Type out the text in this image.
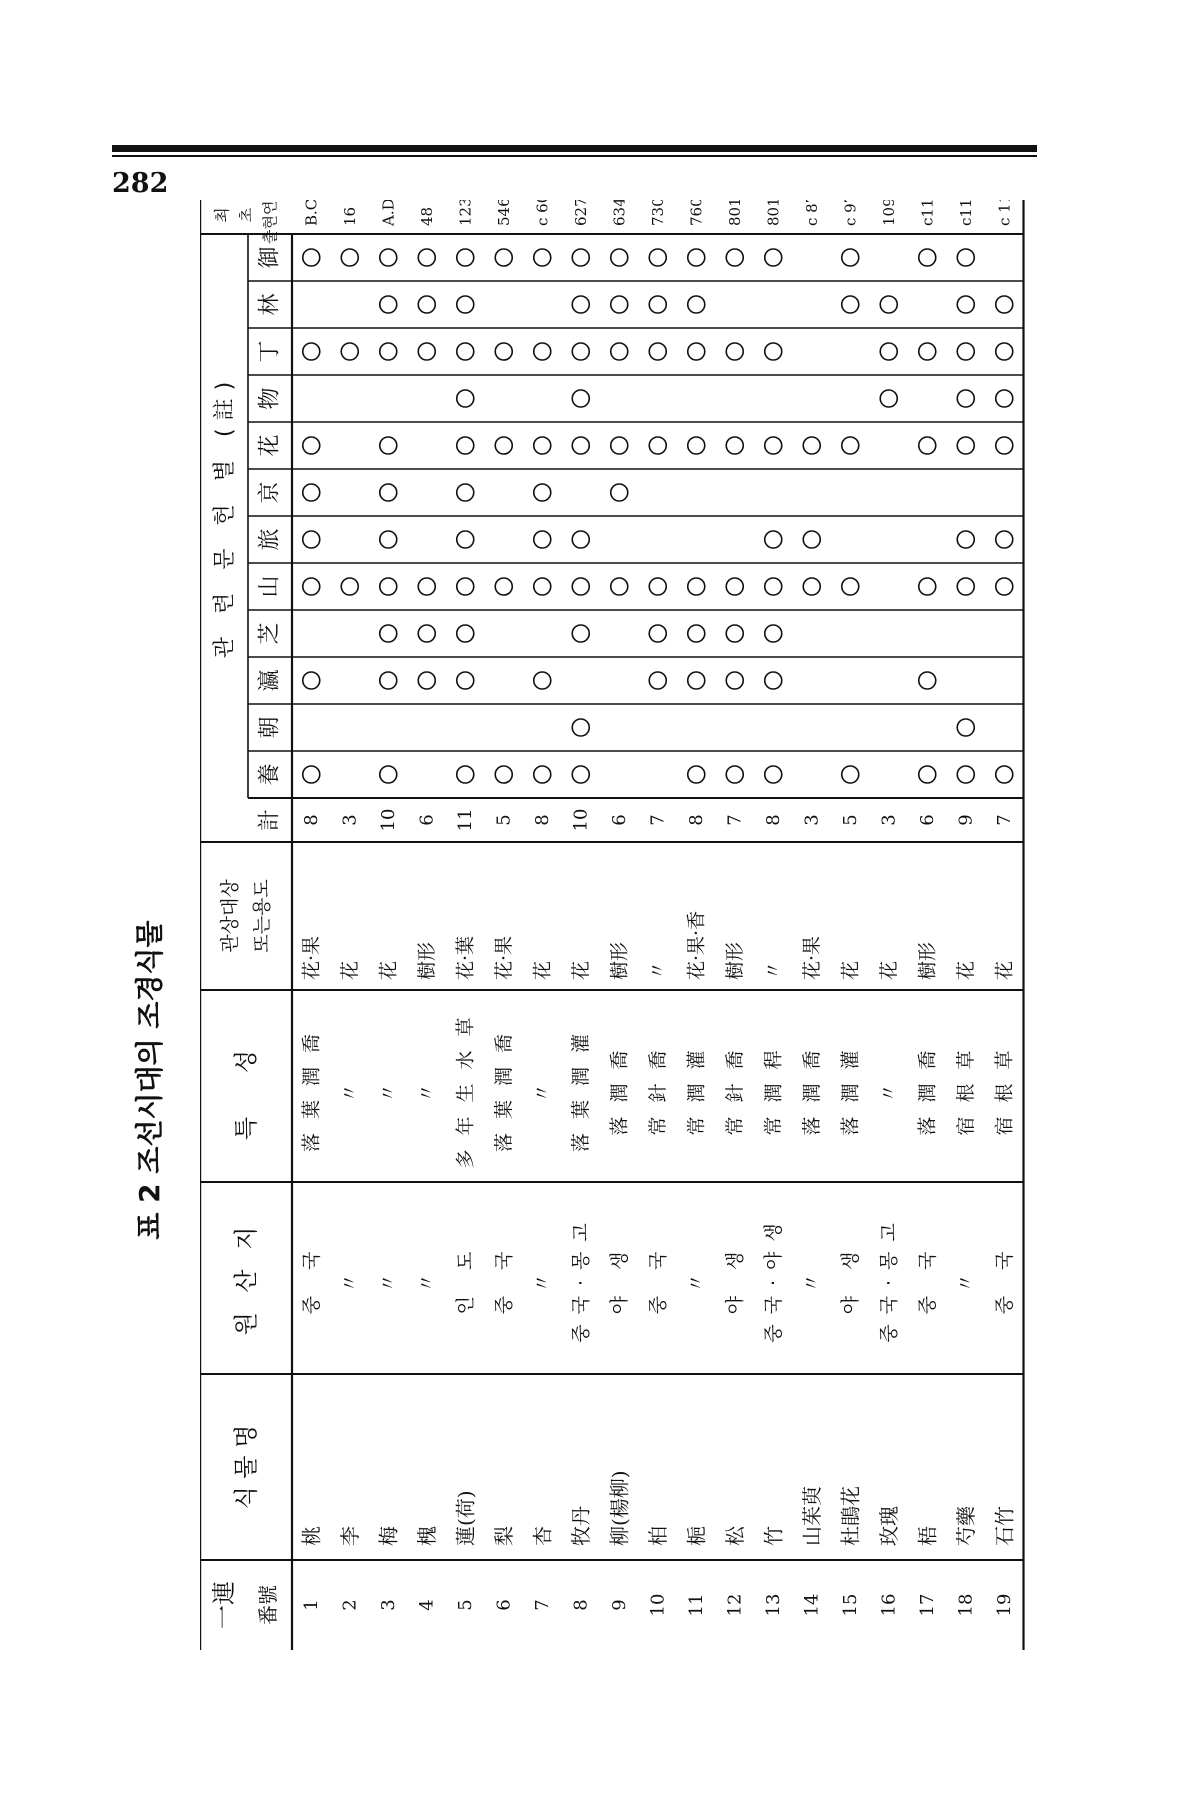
282
표 2 조선시대의 조경식물
一連 番號
식 물 명
원 산 지
특 성
관상대상 또는용도
관 련 문 헌 별 (註)
計
養
朝
瀛
芝
山
旅
京
花
物
丁
林
御
최 초 출현연대
1
桃
중 국
落葉潤喬
花·果
8
B.C16
2
李
〃
〃
花
3
16
3
梅
〃
〃
花
10
A.D41
4
槐
〃
〃
樹形
6
48
5
蓮(荷)
인 도
多年生水草
花·葉
11
123
6
梨
중 국
落葉潤喬
花·果
5
546
7
杏
〃
〃
花
8
c 600
8
牧丹
중국·몽고
落葉潤灌
花
10
627
9
柳(楊柳)
야 생
落潤喬
樹形
6
634
10
柏
중 국
常針喬
〃
7
730
11
梔
〃
常潤灌
花·果·香
8
760
12
松
야 생
常針喬
樹形
7
801
13
竹
중국·야생
常潤稈
〃
8
801
14
山茱萸
〃
落潤喬
花·果
3
c 870
15
杜鵑花
야 생
落潤灌
花
5
c 970
16
玫瑰
중국·몽고
〃
花
3
1099
17
梧
중 국
落潤喬
樹形
6
c1100
18
芍藥
〃
宿根草
花
9
c1140
19
石竹
중 국
宿根草
花
7
c 1140
